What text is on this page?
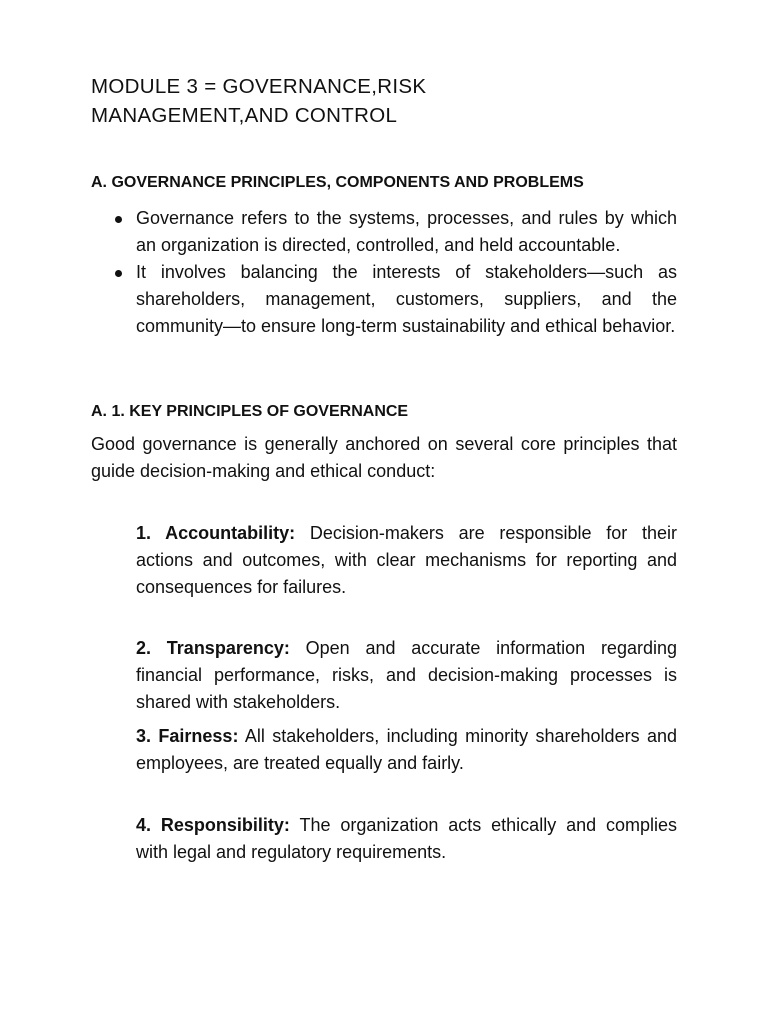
MODULE 3 = GOVERNANCE,RISK
MANAGEMENT,AND CONTROL
A. GOVERNANCE PRINCIPLES, COMPONENTS AND PROBLEMS
Governance refers to the systems, processes, and rules by which an organization is directed, controlled, and held accountable.
It involves balancing the interests of stakeholders—such as shareholders, management, customers, suppliers, and the community—to ensure long-term sustainability and ethical behavior.
A. 1. KEY PRINCIPLES OF GOVERNANCE

Good governance is generally anchored on several core principles that guide decision-making and ethical conduct:

1. Accountability: Decision-makers are responsible for their actions and outcomes, with clear mechanisms for reporting and consequences for failures.

2. Transparency: Open and accurate information regarding financial performance, risks, and decision-making processes is shared with stakeholders.

3. Fairness: All stakeholders, including minority shareholders and employees, are treated equally and fairly.

4. Responsibility: The organization acts ethically and complies with legal and regulatory requirements.
